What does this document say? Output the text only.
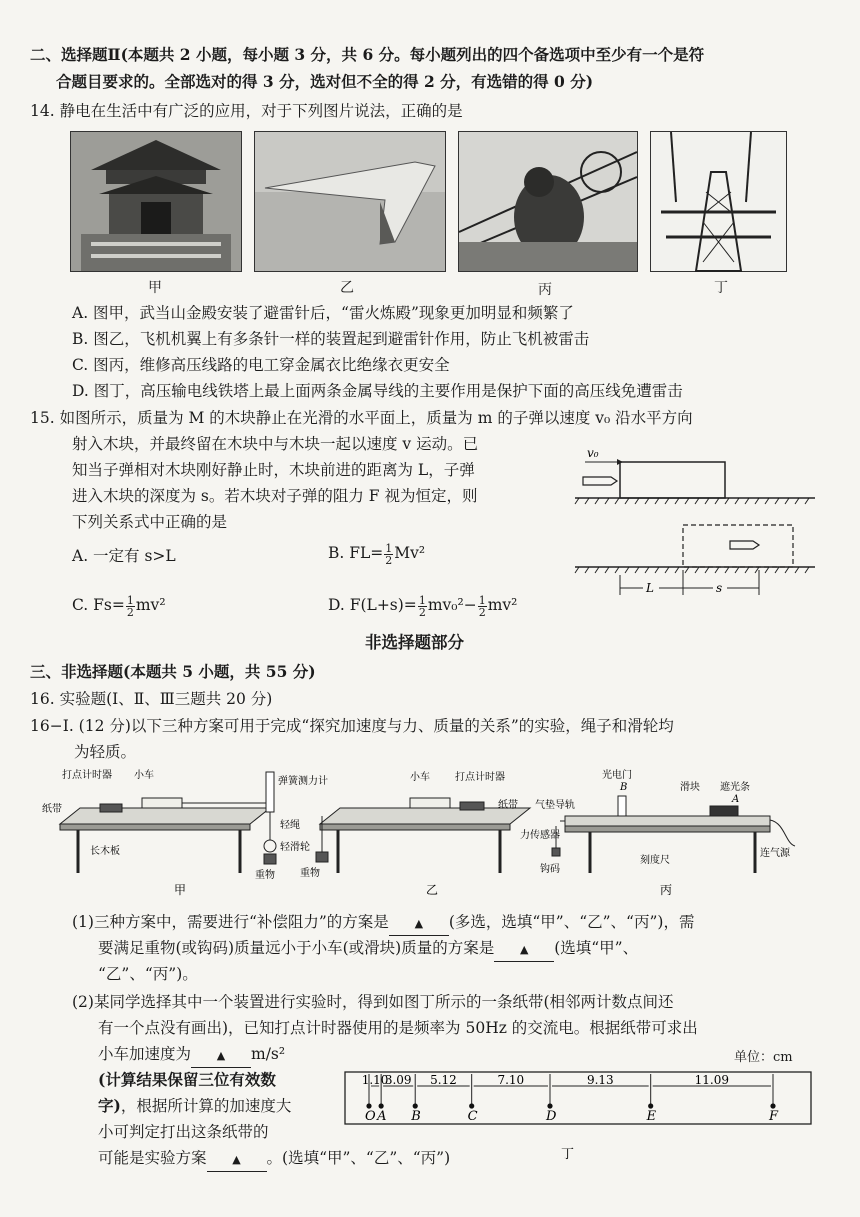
二、选择题Ⅱ(本题共 2 小题，每小题 3 分，共 6 分。每小题列出的四个备选项中至少有一个是符
合题目要求的。全部选对的得 3 分，选对但不全的得 2 分，有选错的得 0 分)
14. 静电在生活中有广泛的应用，对于下列图片说法，正确的是
甲	乙	丙	丁
A. 图甲，武当山金殿安装了避雷针后，“雷火炼殿”现象更加明显和频繁了
B. 图乙，飞机机翼上有多条针一样的装置起到避雷针作用，防止飞机被雷击
C. 图丙，维修高压线路的电工穿金属衣比绝缘衣更安全
D. 图丁，高压输电线铁塔上最上面两条金属导线的主要作用是保护下面的高压线免遭雷击
15. 如图所示，质量为 M 的木块静止在光滑的水平面上，质量为 m 的子弹以速度 v₀ 沿水平方向
射入木块，并最终留在木块中与木块一起以速度 v 运动。已
知当子弹相对木块刚好静止时，木块前进的距离为 L，子弹
进入木块的深度为 s。若木块对子弹的阻力 F 视为恒定，则
下列关系式中正确的是
A. 一定有 s>L	B. $FL= \frac{1}{2} Mv^2$
C. $Fs= \frac{1}{2} mv^2$	D. $F(L+s)= \frac{1}{2} mv_0^2- \frac{1}{2} mv^2$
v₀
L	s
非选择题部分
三、非选择题(本题共 5 小题，共 55 分)
16. 实验题(Ⅰ、Ⅱ、Ⅲ三题共 20 分)
16−Ⅰ. (12 分)以下三种方案可用于完成“探究加速度与力、质量的关系”的实验，绳子和滑轮均
为轻质。
打点计时器 小车
纸带
长木板
弹簧测力计
轻绳
轻滑轮
重物
小车	打点计时器
纸带
重物
光电门
B	滑块 遮光条
A
气垫导轨
力传感器
刻度尺
连气源
钩码
甲	乙	丙
(1)三种方案中，需要进行“补偿阻力”的方案是 ▲ (多选，选填“甲”、“乙”、“丙”)，需
要满足重物(或钩码)质量远小于小车(或滑块)质量的方案是 ▲ (选填“甲”、
“乙”、“丙”)。
(2)某同学选择其中一个装置进行实验时，得到如图丁所示的一条纸带(相邻两计数点间还
有一个点没有画出)，已知打点计时器使用的是频率为 50Hz 的交流电。根据纸带可求出
小车加速度为 ▲ m/s²
(计算结果保留三位有效数
字)，根据所计算的加速度大
小可判定打出这条纸带的
可能是实验方案 ▲ 。(选填“甲”、“乙”、“丙”)
单位：cm
O A B	C	D	E	F
1.10
3.09 5.12	7.10	9.13	11.09
丁
